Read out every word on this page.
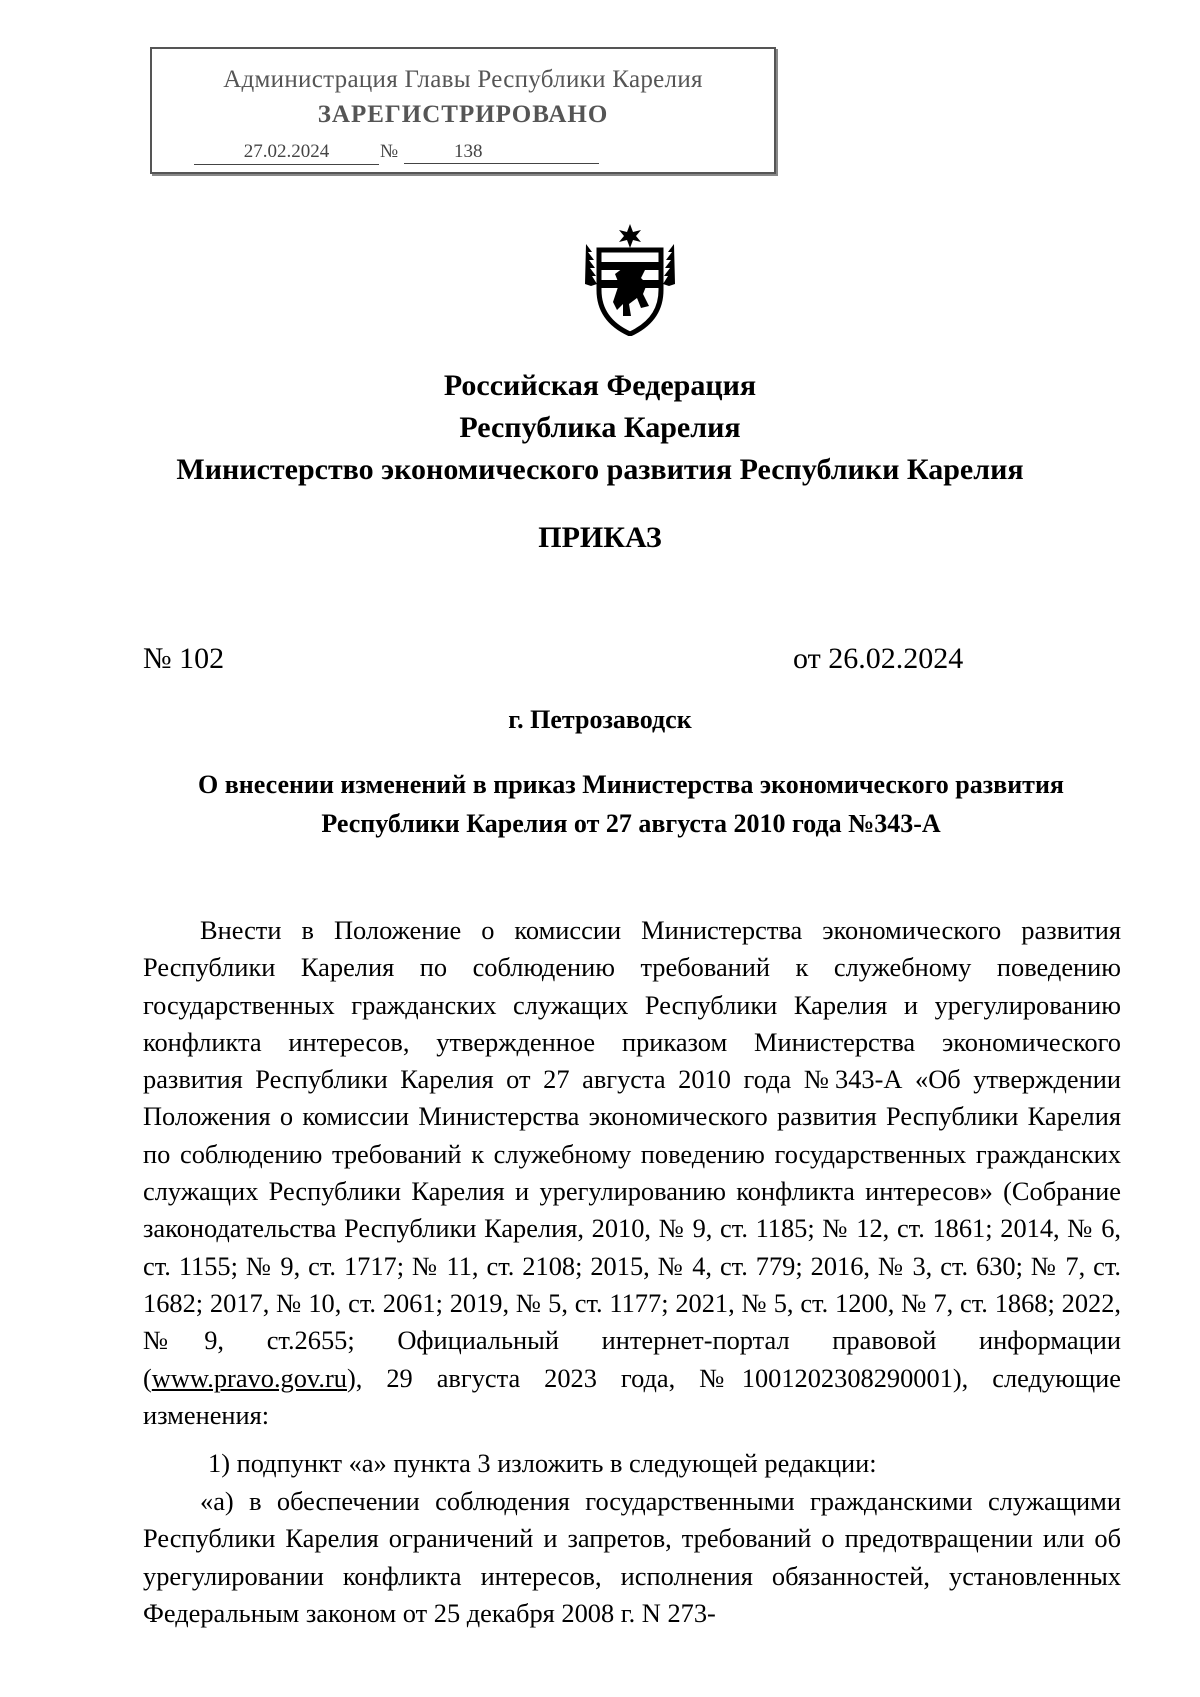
Администрация Главы Республики Карелия
ЗАРЕГИСТРИРОВАНО
27.02.2024	№	138
Российская Федерация
Республика Карелия
Министерство экономического развития Республики Карелия
ПРИКАЗ
№ 102	от 26.02.2024
г. Петрозаводск
О внесении изменений в приказ Министерства экономического развития
Республики Карелия от 27 августа 2010 года №343-А

Внести в Положение о комиссии Министерства экономического развития Республики Карелия по соблюдению требований к служебному поведению государственных гражданских служащих Республики Карелия и урегулированию конфликта интересов, утвержденное приказом Министерства экономического развития Республики Карелия от 27 августа 2010 года №343-А «Об утверждении Положения о комиссии Министерства экономического развития Республики Карелия по соблюдению требований к служебному поведению государственных гражданских служащих Республики Карелия и урегулированию конфликта интересов» (Собрание законодательства Республики Карелия, 2010, № 9, ст. 1185; № 12, ст. 1861; 2014, № 6, ст. 1155; № 9, ст. 1717; № 11, ст. 2108; 2015, № 4, ст. 779; 2016, № 3, ст. 630; № 7, ст. 1682; 2017, № 10, ст. 2061; 2019, № 5, ст. 1177; 2021, № 5, ст. 1200, № 7, ст. 1868; 2022, №9, ст.2655; Официальный интернет-портал правовой информации (www.pravo.gov.ru), 29 августа 2023 года, №1001202308290001), следующие изменения:

1) подпункт «а» пункта 3 изложить в следующей редакции:

«а) в обеспечении соблюдения государственными гражданскими служащими Республики Карелия ограничений и запретов, требований о предотвращении или об урегулировании конфликта интересов, исполнения обязанностей, установленных Федеральным законом от 25 декабря 2008 г. N 273-
